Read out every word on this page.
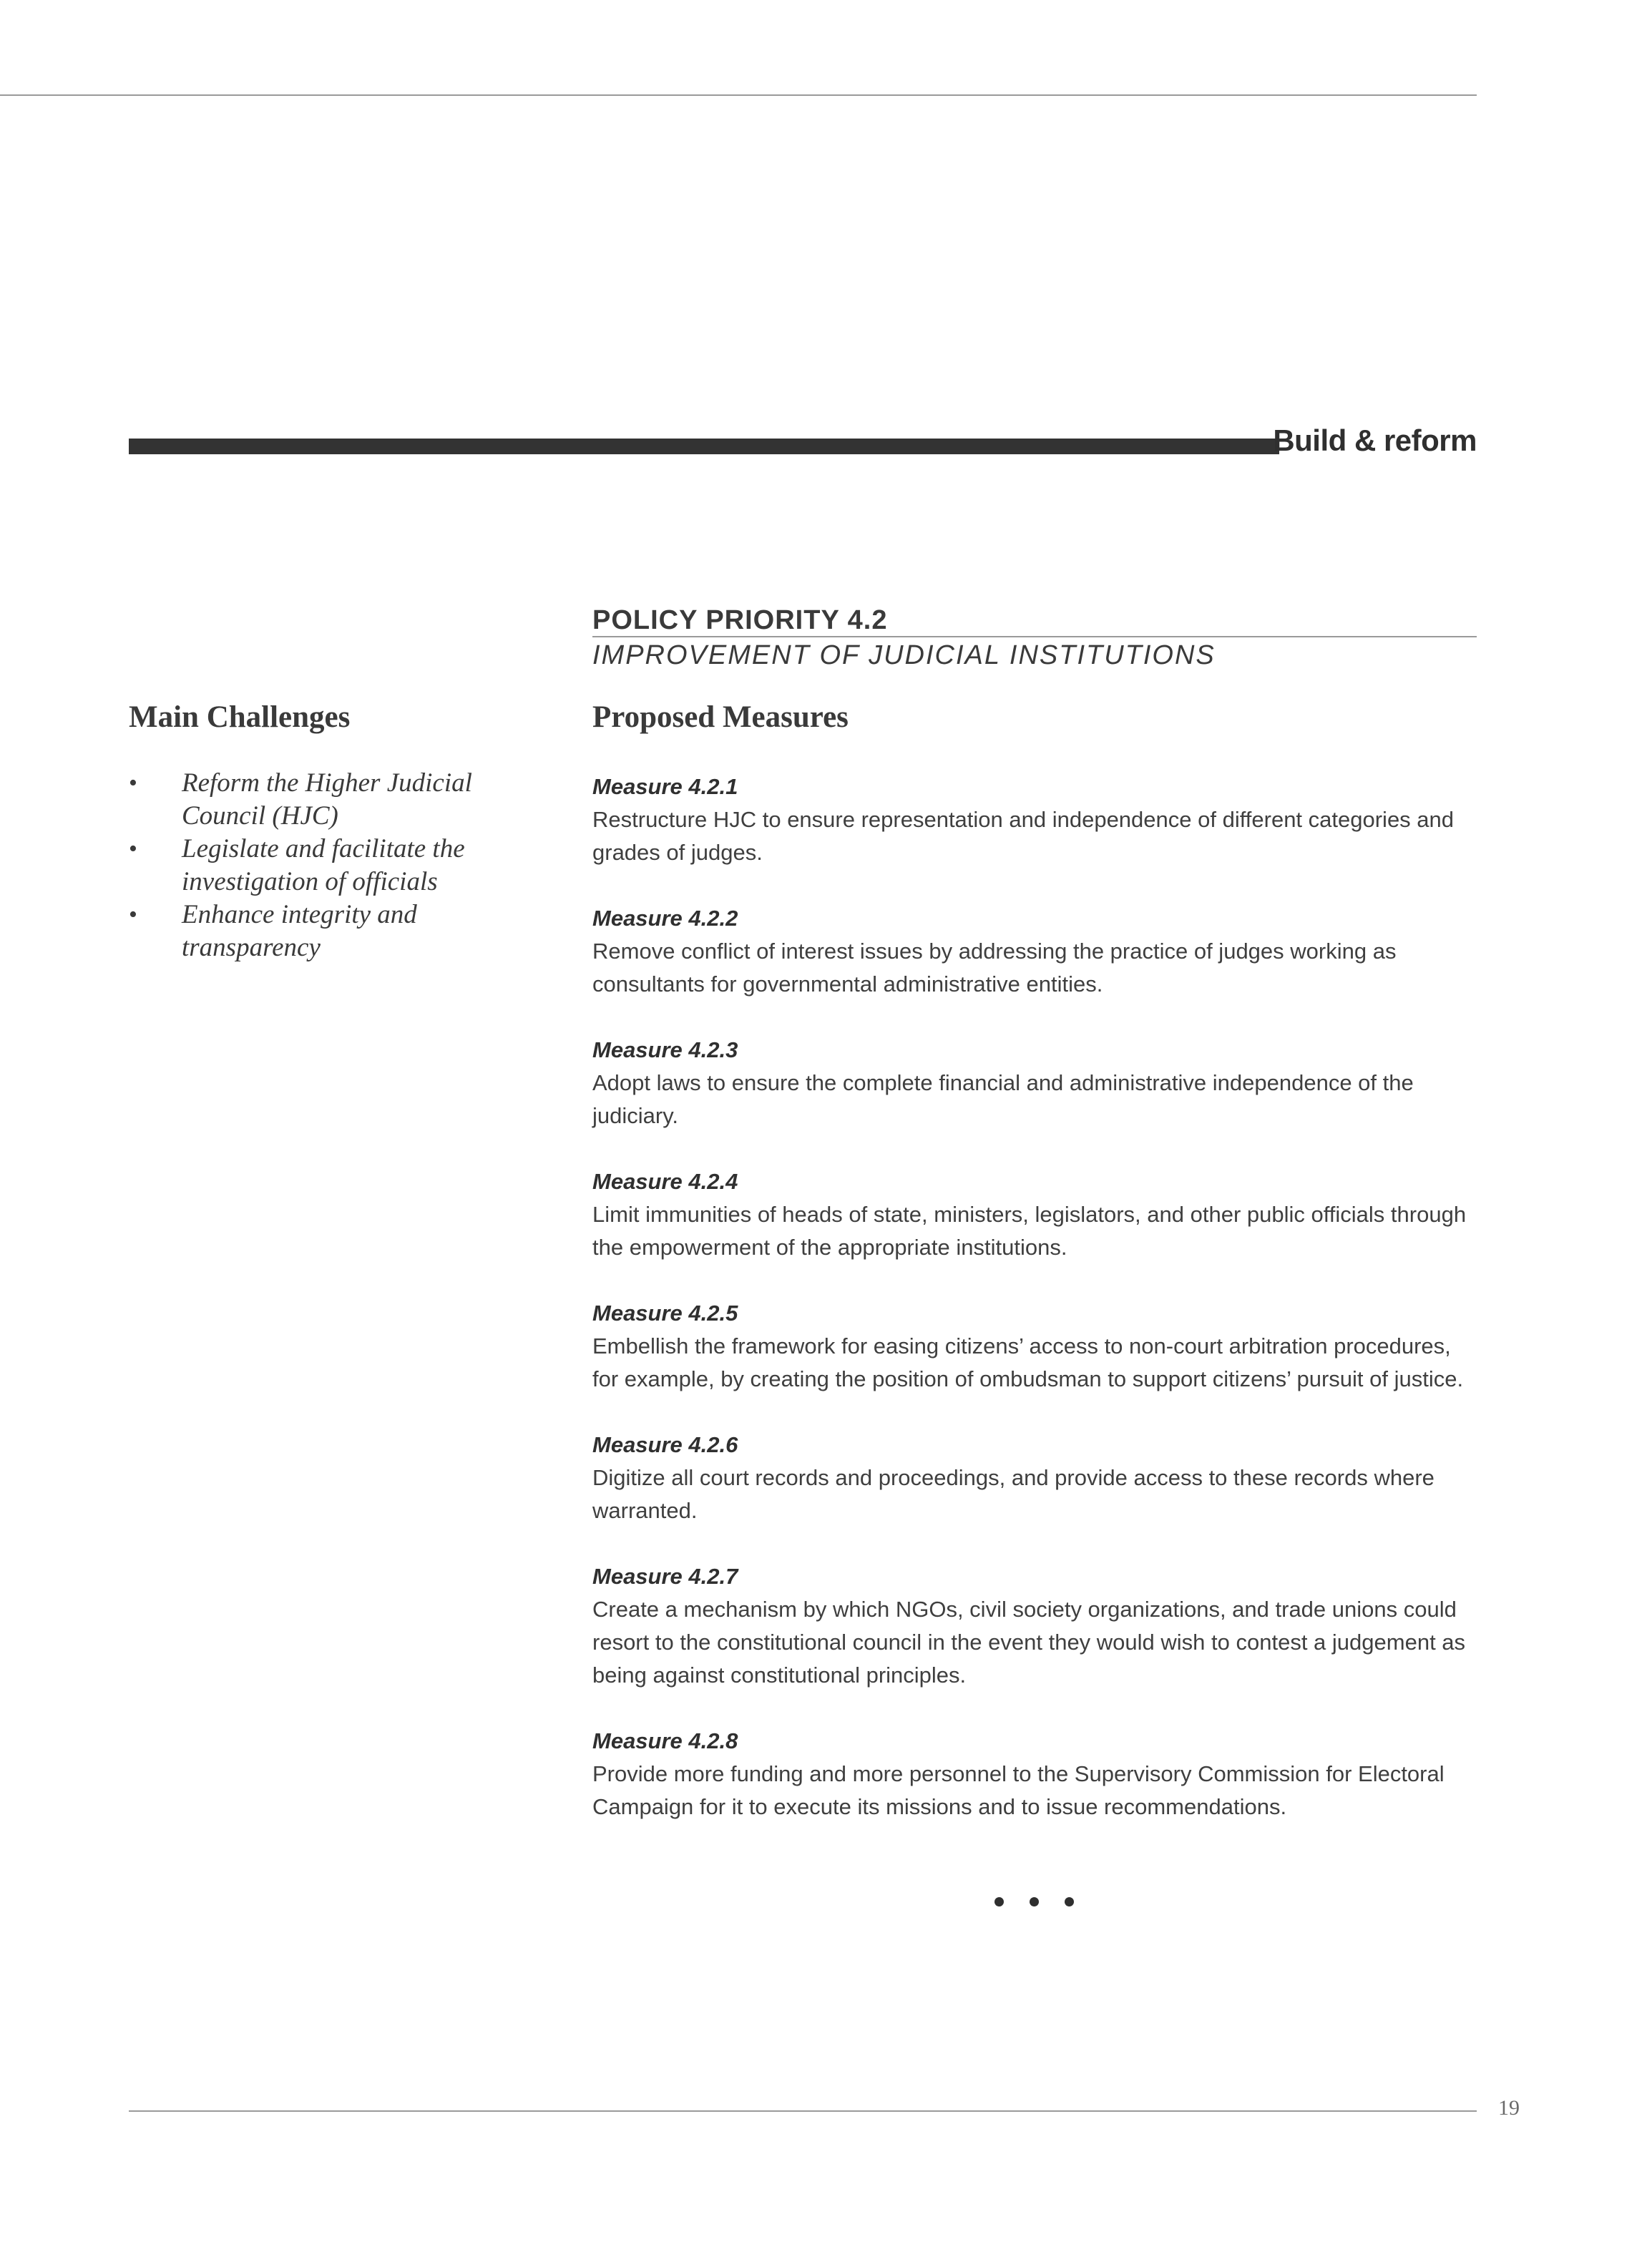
Build & reform
POLICY PRIORITY 4.2
IMPROVEMENT OF JUDICIAL INSTITUTIONS
Main Challenges	Proposed Measures
• Reform the Higher Judicial Council (HJC)
• Legislate and facilitate the investigation of officials
• Enhance integrity and transparency
Measure 4.2.1
Restructure HJC to ensure representation and independence of different categories and grades of judges.
Measure 4.2.2
Remove conflict of interest issues by addressing the practice of judges working as consultants for governmental administrative entities.
Measure 4.2.3
Adopt laws to ensure the complete financial and administrative independence of the judiciary.
Measure 4.2.4
Limit immunities of heads of state, ministers, legislators, and other public officials through the empowerment of the appropriate institutions.
Measure 4.2.5
Embellish the framework for easing citizens’ access to non-court arbitration procedures, for example, by creating the position of ombudsman to support citizens’ pursuit of justice.
Measure 4.2.6
Digitize all court records and proceedings, and provide access to these records where warranted.
Measure 4.2.7
Create a mechanism by which NGOs, civil society organizations, and trade unions could resort to the constitutional council in the event they would wish to contest a judgement as being against constitutional principles.
Measure 4.2.8
Provide more funding and more personnel to the Supervisory Commission for Electoral Campaign for it to execute its missions and to issue recommendations.
19
